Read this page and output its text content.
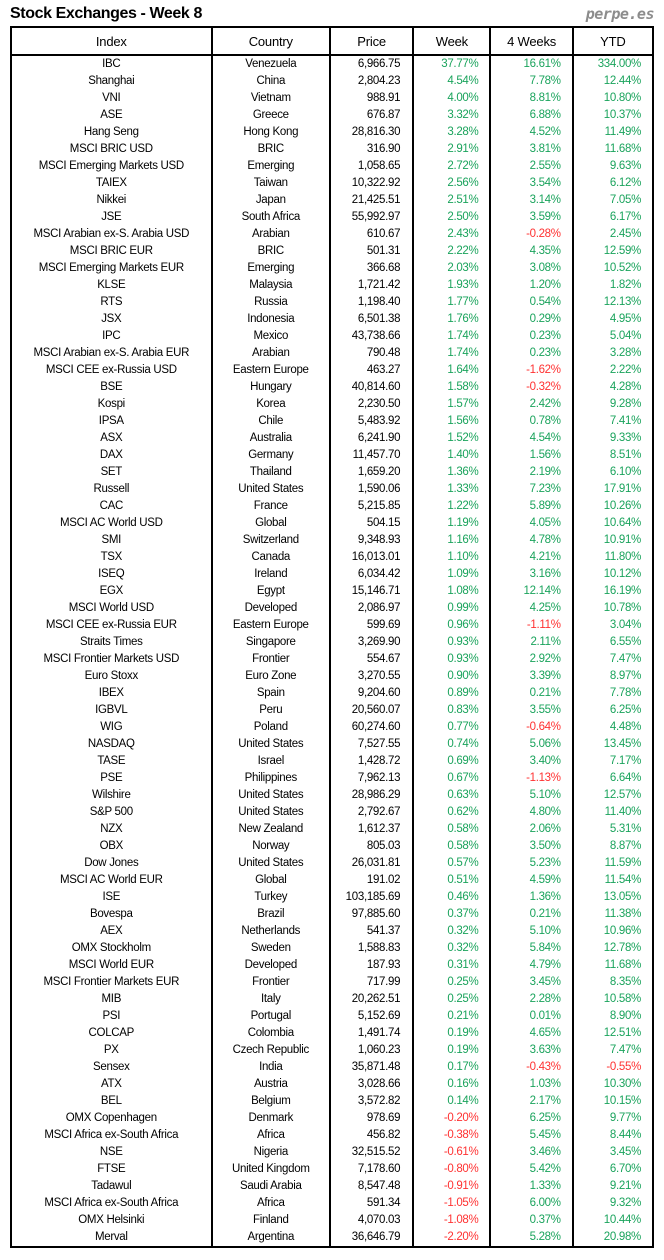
Stock Exchanges - Week 8	perpe.es
Index	Country	Price	Week	4 Weeks	YTD
IBC	Venezuela	6,966.75	37.77%	16.61%	334.00%
Shanghai	China	2,804.23	4.54%	7.78%	12.44%
VNI	Vietnam	988.91	4.00%	8.81%	10.80%
ASE	Greece	676.87	3.32%	6.88%	10.37%
Hang Seng	Hong Kong	28,816.30	3.28%	4.52%	11.49%
MSCI BRIC USD	BRIC	316.90	2.91%	3.81%	11.68%
MSCI Emerging Markets USD	Emerging	1,058.65	2.72%	2.55%	9.63%
TAIEX	Taiwan	10,322.92	2.56%	3.54%	6.12%
Nikkei	Japan	21,425.51	2.51%	3.14%	7.05%
JSE	South Africa	55,992.97	2.50%	3.59%	6.17%
MSCI Arabian ex-S. Arabia USD	Arabian	610.67	2.43%	-0.28%	2.45%
MSCI BRIC EUR	BRIC	501.31	2.22%	4.35%	12.59%
MSCI Emerging Markets EUR	Emerging	366.68	2.03%	3.08%	10.52%
KLSE	Malaysia	1,721.42	1.93%	1.20%	1.82%
RTS	Russia	1,198.40	1.77%	0.54%	12.13%
JSX	Indonesia	6,501.38	1.76%	0.29%	4.95%
IPC	Mexico	43,738.66	1.74%	0.23%	5.04%
MSCI Arabian ex-S. Arabia EUR	Arabian	790.48	1.74%	0.23%	3.28%
MSCI CEE ex-Russia USD	Eastern Europe	463.27	1.64%	-1.62%	2.22%
BSE	Hungary	40,814.60	1.58%	-0.32%	4.28%
Kospi	Korea	2,230.50	1.57%	2.42%	9.28%
IPSA	Chile	5,483.92	1.56%	0.78%	7.41%
ASX	Australia	6,241.90	1.52%	4.54%	9.33%
DAX	Germany	11,457.70	1.40%	1.56%	8.51%
SET	Thailand	1,659.20	1.36%	2.19%	6.10%
Russell	United States	1,590.06	1.33%	7.23%	17.91%
CAC	France	5,215.85	1.22%	5.89%	10.26%
MSCI AC World USD	Global	504.15	1.19%	4.05%	10.64%
SMI	Switzerland	9,348.93	1.16%	4.78%	10.91%
TSX	Canada	16,013.01	1.10%	4.21%	11.80%
ISEQ	Ireland	6,034.42	1.09%	3.16%	10.12%
EGX	Egypt	15,146.71	1.08%	12.14%	16.19%
MSCI World USD	Developed	2,086.97	0.99%	4.25%	10.78%
MSCI CEE ex-Russia EUR	Eastern Europe	599.69	0.96%	-1.11%	3.04%
Straits Times	Singapore	3,269.90	0.93%	2.11%	6.55%
MSCI Frontier Markets USD	Frontier	554.67	0.93%	2.92%	7.47%
Euro Stoxx	Euro Zone	3,270.55	0.90%	3.39%	8.97%
IBEX	Spain	9,204.60	0.89%	0.21%	7.78%
IGBVL	Peru	20,560.07	0.83%	3.55%	6.25%
WIG	Poland	60,274.60	0.77%	-0.64%	4.48%
NASDAQ	United States	7,527.55	0.74%	5.06%	13.45%
TASE	Israel	1,428.72	0.69%	3.40%	7.17%
PSE	Philippines	7,962.13	0.67%	-1.13%	6.64%
Wilshire	United States	28,986.29	0.63%	5.10%	12.57%
S&P 500	United States	2,792.67	0.62%	4.80%	11.40%
NZX	New Zealand	1,612.37	0.58%	2.06%	5.31%
OBX	Norway	805.03	0.58%	3.50%	8.87%
Dow Jones	United States	26,031.81	0.57%	5.23%	11.59%
MSCI AC World EUR	Global	191.02	0.51%	4.59%	11.54%
ISE	Turkey	103,185.69	0.46%	1.36%	13.05%
Bovespa	Brazil	97,885.60	0.37%	0.21%	11.38%
AEX	Netherlands	541.37	0.32%	5.10%	10.96%
OMX Stockholm	Sweden	1,588.83	0.32%	5.84%	12.78%
MSCI World EUR	Developed	187.93	0.31%	4.79%	11.68%
MSCI Frontier Markets EUR	Frontier	717.99	0.25%	3.45%	8.35%
MIB	Italy	20,262.51	0.25%	2.28%	10.58%
PSI	Portugal	5,152.69	0.21%	0.01%	8.90%
COLCAP	Colombia	1,491.74	0.19%	4.65%	12.51%
PX	Czech Republic	1,060.23	0.19%	3.63%	7.47%
Sensex	India	35,871.48	0.17%	-0.43%	-0.55%
ATX	Austria	3,028.66	0.16%	1.03%	10.30%
BEL	Belgium	3,572.82	0.14%	2.17%	10.15%
OMX Copenhagen	Denmark	978.69	-0.20%	6.25%	9.77%
MSCI Africa ex-South Africa	Africa	456.82	-0.38%	5.45%	8.44%
NSE	Nigeria	32,515.52	-0.61%	3.46%	3.45%
FTSE	United Kingdom	7,178.60	-0.80%	5.42%	6.70%
Tadawul	Saudi Arabia	8,547.48	-0.91%	1.33%	9.21%
MSCI Africa ex-South Africa	Africa	591.34	-1.05%	6.00%	9.32%
OMX Helsinki	Finland	4,070.03	-1.08%	0.37%	10.44%
Merval	Argentina	36,646.79	-2.20%	5.28%	20.98%
